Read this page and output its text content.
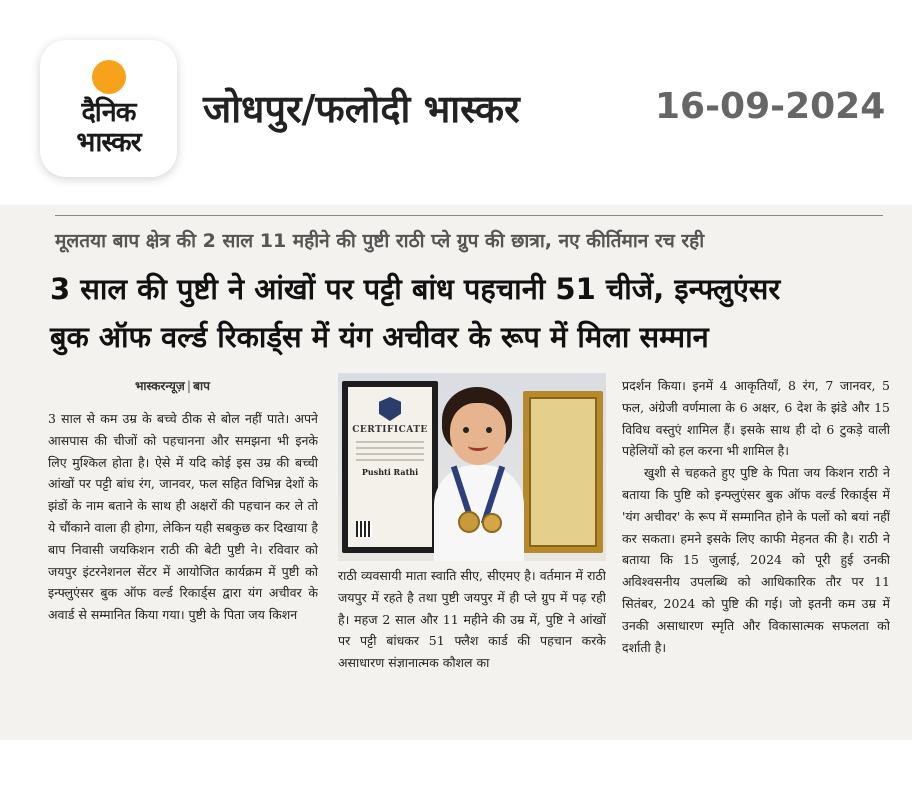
दैनिक
भास्कर
जोधपुर/फलोदी भास्कर	16-09-2024
मूलतया बाप क्षेत्र की 2 साल 11 महीने की पुष्टी राठी प्ले ग्रुप की छात्रा, नए कीर्तिमान रच रही
3 साल की पुष्टी ने आंखों पर पट्टी बांध पहचानी 51 चीजें, इन्फ्लुएंसर
बुक ऑफ वर्ल्ड रिकार्ड्स में यंग अचीवर के रूप में मिला सम्मान
भास्करन्यूज़ | बाप

3 साल से कम उम्र के बच्चे ठीक से बोल नहीं पाते। अपने आसपास की चीजों को पहचानना और समझना भी इनके लिए मुश्किल होता है। ऐसे में यदि कोई इस उम्र की बच्ची आंखों पर पट्टी बांध रंग, जानवर, फल सहित विभिन्न देशों के झंडों के नाम बताने के साथ ही अक्षरों की पहचान कर ले तो ये चौंकाने वाला ही होगा, लेकिन यही सबकुछ कर दिखाया है बाप निवासी जयकिशन राठी की बेटी पुष्टी ने। रविवार को जयपुर इंटरनेशनल सेंटर में आयोजित कार्यक्रम में पुष्टी को इन्फ्लुएंसर बुक ऑफ वर्ल्ड रिकार्ड्स द्वारा यंग अचीवर के अवार्ड से सम्मानित किया गया। पुष्टी के पिता जय किशन

CERTIFICATE
Pushti Rathi

राठी व्यवसायी माता स्वाति सीए, सीएमए है। वर्तमान में राठी जयपुर में रहते है तथा पुष्टी जयपुर में ही प्ले ग्रुप में पढ़ रही है। महज 2 साल और 11 महीने की उम्र में, पुष्टि ने आंखों पर पट्टी बांधकर 51 फ्लैश कार्ड की पहचान करके असाधारण संज्ञानात्मक कौशल का

प्रदर्शन किया। इनमें 4 आकृतियाँ, 8 रंग, 7 जानवर, 5 फल, अंग्रेजी वर्णमाला के 6 अक्षर, 6 देश के झंडे और 15 विविध वस्तुएं शामिल हैं। इसके साथ ही दो 6 टुकड़े वाली पहेलियों को हल करना भी शामिल है।

खुशी से चहकते हुए पुष्टि के पिता जय किशन राठी ने बताया कि पुष्टि को इन्फ्लुएंसर बुक ऑफ वर्ल्ड रिकार्ड्स में 'यंग अचीवर' के रूप में सम्मानित होने के पलों को बयां नहीं कर सकता। हमने इसके लिए काफी मेहनत की है। राठी ने बताया कि 15 जुलाई, 2024 को पूरी हुई उनकी अविश्वसनीय उपलब्धि को आधिकारिक तौर पर 11 सितंबर, 2024 को पुष्टि की गई। जो इतनी कम उम्र में उनकी असाधारण स्मृति और विकासात्मक सफलता को दर्शाती है।
